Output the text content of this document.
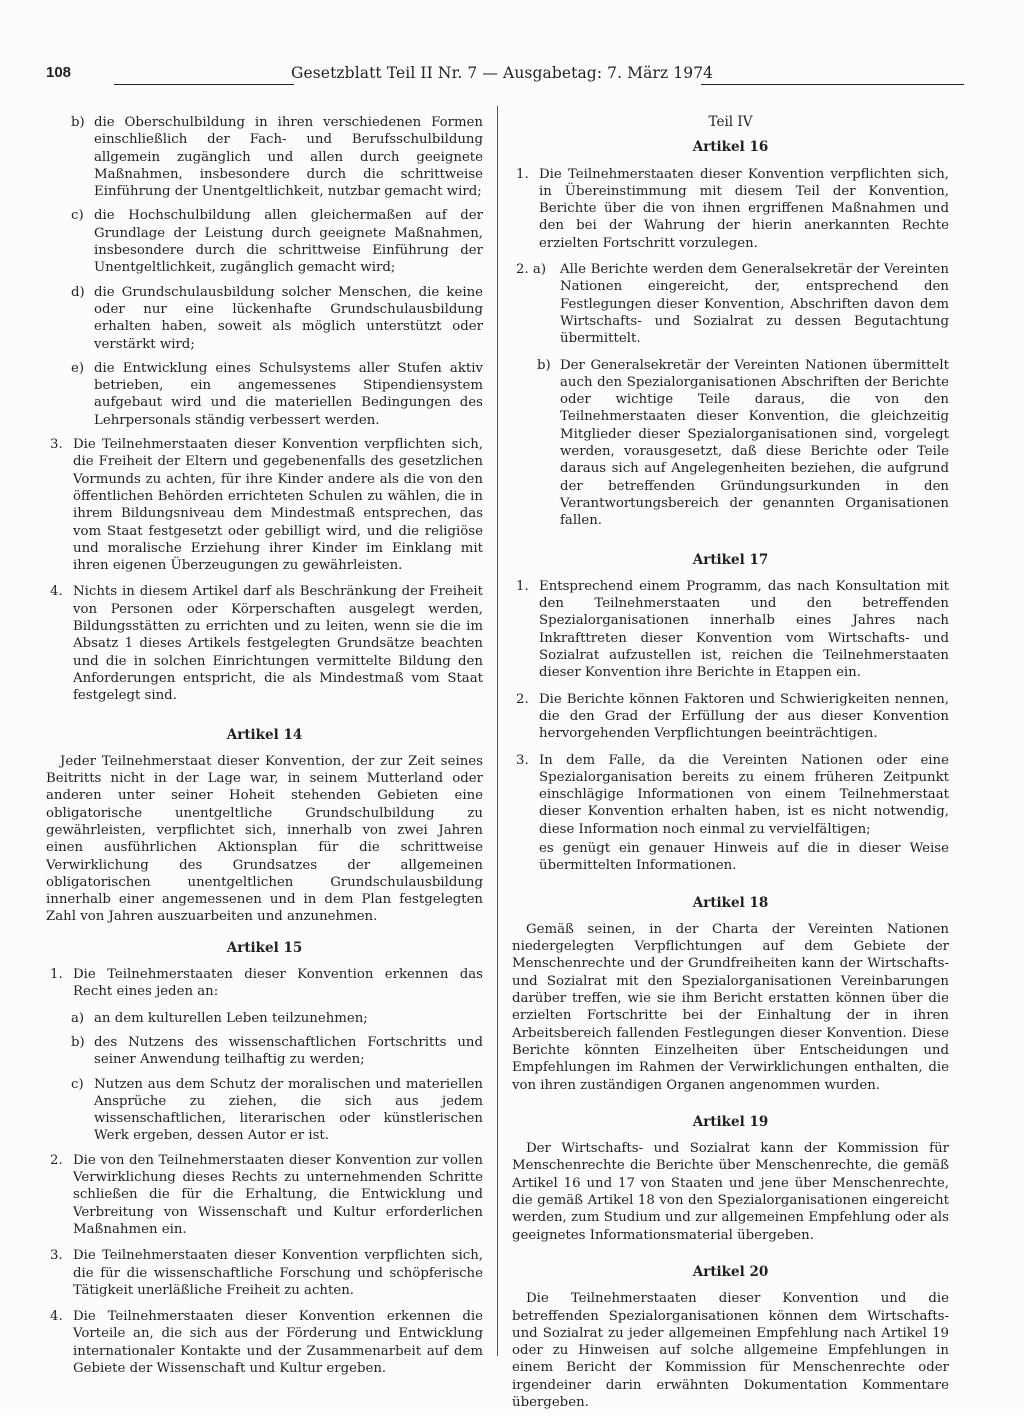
108	Gesetzblatt Teil II Nr. 7 — Ausgabetag: 7. März 1974
b) die Oberschulbildung in ihren verschiedenen Formen einschließlich der Fach- und Berufsschulbildung allgemein zugänglich und allen durch geeignete Maßnahmen, insbesondere durch die schrittweise Einführung der Unentgeltlichkeit, nutzbar gemacht wird;

c) die Hochschulbildung allen gleichermaßen auf der Grundlage der Leistung durch geeignete Maßnahmen, insbesondere durch die schrittweise Einführung der Unentgeltlichkeit, zugänglich gemacht wird;

d) die Grundschulausbildung solcher Menschen, die keine oder nur eine lückenhafte Grundschulausbildung erhalten haben, soweit als möglich unterstützt oder verstärkt wird;

e) die Entwicklung eines Schulsystems aller Stufen aktiv betrieben, ein angemessenes Stipendiensystem aufgebaut wird und die materiellen Bedingungen des Lehrpersonals ständig verbessert werden.

3. Die Teilnehmerstaaten dieser Konvention verpflichten sich, die Freiheit der Eltern und gegebenenfalls des gesetzlichen Vormunds zu achten, für ihre Kinder andere als die von den öffentlichen Behörden errichteten Schulen zu wählen, die in ihrem Bildungsniveau dem Mindestmaß entsprechen, das vom Staat festgesetzt oder gebilligt wird, und die religiöse und moralische Erziehung ihrer Kinder im Einklang mit ihren eigenen Überzeugungen zu gewährleisten.

4. Nichts in diesem Artikel darf als Beschränkung der Freiheit von Personen oder Körperschaften ausgelegt werden, Bildungsstätten zu errichten und zu leiten, wenn sie die im Absatz 1 dieses Artikels festgelegten Grundsätze beachten und die in solchen Einrichtungen vermittelte Bildung den Anforderungen entspricht, die als Mindestmaß vom Staat festgelegt sind.

Artikel 14

Jeder Teilnehmerstaat dieser Konvention, der zur Zeit seines Beitritts nicht in der Lage war, in seinem Mutterland oder anderen unter seiner Hoheit stehenden Gebieten eine obligatorische unentgeltliche Grundschulbildung zu gewährleisten, verpflichtet sich, innerhalb von zwei Jahren einen ausführlichen Aktionsplan für die schrittweise Verwirklichung des Grundsatzes der allgemeinen obligatorischen unentgeltlichen Grundschulausbildung innerhalb einer angemessenen und in dem Plan festgelegten Zahl von Jahren auszuarbeiten und anzunehmen.

Artikel 15
1. Die Teilnehmerstaaten dieser Konvention erkennen das Recht eines jeden an:

a) an dem kulturellen Leben teilzunehmen;

b) des Nutzens des wissenschaftlichen Fortschritts und seiner Anwendung teilhaftig zu werden;

c) Nutzen aus dem Schutz der moralischen und materiellen Ansprüche zu ziehen, die sich aus jedem wissenschaftlichen, literarischen oder künstlerischen Werk ergeben, dessen Autor er ist.

2. Die von den Teilnehmerstaaten dieser Konvention zur vollen Verwirklichung dieses Rechts zu unternehmenden Schritte schließen die für die Erhaltung, die Entwicklung und Verbreitung von Wissenschaft und Kultur erforderlichen Maßnahmen ein.

3. Die Teilnehmerstaaten dieser Konvention verpflichten sich, die für die wissenschaftliche Forschung und schöpferische Tätigkeit unerläßliche Freiheit zu achten.

4. Die Teilnehmerstaaten dieser Konvention erkennen die Vorteile an, die sich aus der Förderung und Entwicklung internationaler Kontakte und der Zusammenarbeit auf dem Gebiete der Wissenschaft und Kultur ergeben.

Teil IV
Artikel 16
1. Die Teilnehmerstaaten dieser Konvention verpflichten sich, in Übereinstimmung mit diesem Teil der Konvention, Berichte über die von ihnen ergriffenen Maßnahmen und den bei der Wahrung der hierin anerkannten Rechte erzielten Fortschritt vorzulegen.

2. a) Alle Berichte werden dem Generalsekretär der Vereinten Nationen eingereicht, der, entsprechend den Festlegungen dieser Konvention, Abschriften davon dem Wirtschafts- und Sozialrat zu dessen Begutachtung übermittelt.

b) Der Generalsekretär der Vereinten Nationen übermittelt auch den Spezialorganisationen Abschriften der Berichte oder wichtige Teile daraus, die von den Teilnehmerstaaten dieser Konvention, die gleichzeitig Mitglieder dieser Spezialorganisationen sind, vorgelegt werden, vorausgesetzt, daß diese Berichte oder Teile daraus sich auf Angelegenheiten beziehen, die aufgrund der betreffenden Gründungsurkunden in den Verantwortungsbereich der genannten Organisationen fallen.

Artikel 17
1. Entsprechend einem Programm, das nach Konsultation mit den Teilnehmerstaaten und den betreffenden Spezialorganisationen innerhalb eines Jahres nach Inkrafttreten dieser Konvention vom Wirtschafts- und Sozialrat aufzustellen ist, reichen die Teilnehmerstaaten dieser Konvention ihre Berichte in Etappen ein.

2. Die Berichte können Faktoren und Schwierigkeiten nennen, die den Grad der Erfüllung der aus dieser Konvention hervorgehenden Verpflichtungen beeinträchtigen.

3. In dem Falle, da die Vereinten Nationen oder eine Spezialorganisation bereits zu einem früheren Zeitpunkt einschlägige Informationen von einem Teilnehmerstaat dieser Konvention erhalten haben, ist es nicht notwendig, diese Information noch einmal zu vervielfältigen;

es genügt ein genauer Hinweis auf die in dieser Weise übermittelten Informationen.

Artikel 18

Gemäß seinen, in der Charta der Vereinten Nationen niedergelegten Verpflichtungen auf dem Gebiete der Menschenrechte und der Grundfreiheiten kann der Wirtschafts- und Sozialrat mit den Spezialorganisationen Vereinbarungen darüber treffen, wie sie ihm Bericht erstatten können über die erzielten Fortschritte bei der Einhaltung der in ihren Arbeitsbereich fallenden Festlegungen dieser Konvention. Diese Berichte könnten Einzelheiten über Entscheidungen und Empfehlungen im Rahmen der Verwirklichungen enthalten, die von ihren zuständigen Organen angenommen wurden.

Artikel 19

Der Wirtschafts- und Sozialrat kann der Kommission für Menschenrechte die Berichte über Menschenrechte, die gemäß Artikel 16 und 17 von Staaten und jene über Menschenrechte, die gemäß Artikel 18 von den Spezialorganisationen eingereicht werden, zum Studium und zur allgemeinen Empfehlung oder als geeignetes Informationsmaterial übergeben.

Artikel 20

Die Teilnehmerstaaten dieser Konvention und die betreffenden Spezialorganisationen können dem Wirtschafts- und Sozialrat zu jeder allgemeinen Empfehlung nach Artikel 19 oder zu Hinweisen auf solche allgemeine Empfehlungen in einem Bericht der Kommission für Menschenrechte oder irgendeiner darin erwähnten Dokumentation Kommentare übergeben.
